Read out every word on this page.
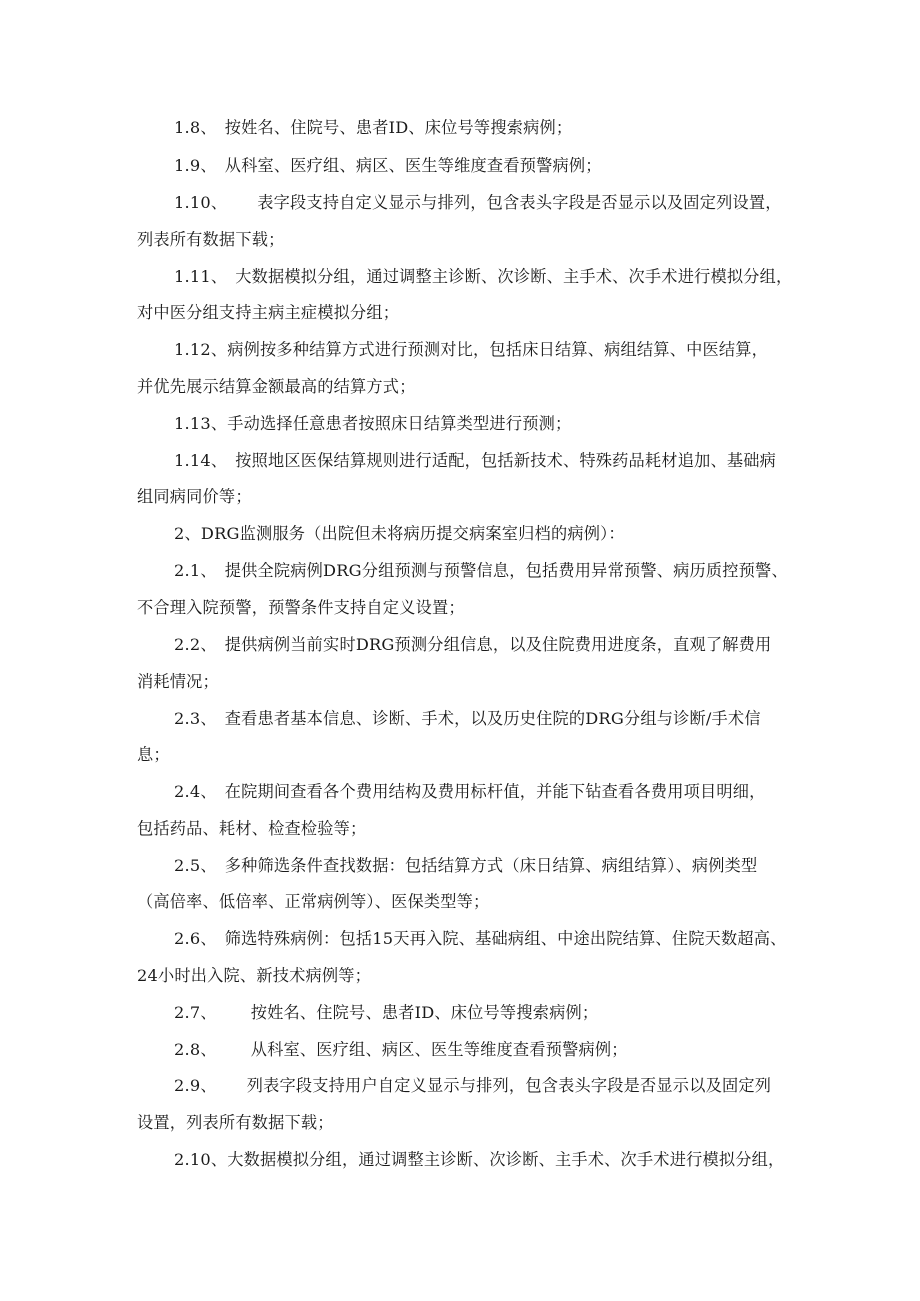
1.8、 按姓名、住院号、患者ID、床位号等搜索病例；
1.9、 从科室、医疗组、病区、医生等维度查看预警病例；
1.10、 表字段支持自定义显示与排列，包含表头字段是否显示以及固定列设置，
列表所有数据下载；
1.11、 大数据模拟分组，通过调整主诊断、次诊断、主手术、次手术进行模拟分组，
对中医分组支持主病主症模拟分组；
1.12、病例按多种结算方式进行预测对比，包括床日结算、病组结算、中医结算，
并优先展示结算金额最高的结算方式；
1.13、手动选择任意患者按照床日结算类型进行预测；
1.14、 按照地区医保结算规则进行适配，包括新技术、特殊药品耗材追加、基础病
组同病同价等；
2、DRG监测服务（出院但未将病历提交病案室归档的病例）：
2.1、 提供全院病例DRG分组预测与预警信息，包括费用异常预警、病历质控预警、
不合理入院预警，预警条件支持自定义设置；
2.2、 提供病例当前实时DRG预测分组信息，以及住院费用进度条，直观了解费用
消耗情况；
2.3、 查看患者基本信息、诊断、手术，以及历史住院的DRG分组与诊断/手术信
息；
2.4、 在院期间查看各个费用结构及费用标杆值，并能下钻查看各费用项目明细，
包括药品、耗材、检查检验等；
2.5、 多种筛选条件查找数据：包括结算方式（床日结算、病组结算）、病例类型
（高倍率、低倍率、正常病例等）、医保类型等；
2.6、 筛选特殊病例：包括15天再入院、基础病组、中途出院结算、住院天数超高、
24小时出入院、新技术病例等；
2.7、 按姓名、住院号、患者ID、床位号等搜索病例；
2.8、 从科室、医疗组、病区、医生等维度查看预警病例；
2.9、 列表字段支持用户自定义显示与排列，包含表头字段是否显示以及固定列
设置，列表所有数据下载；
2.10、大数据模拟分组，通过调整主诊断、次诊断、主手术、次手术进行模拟分组，
